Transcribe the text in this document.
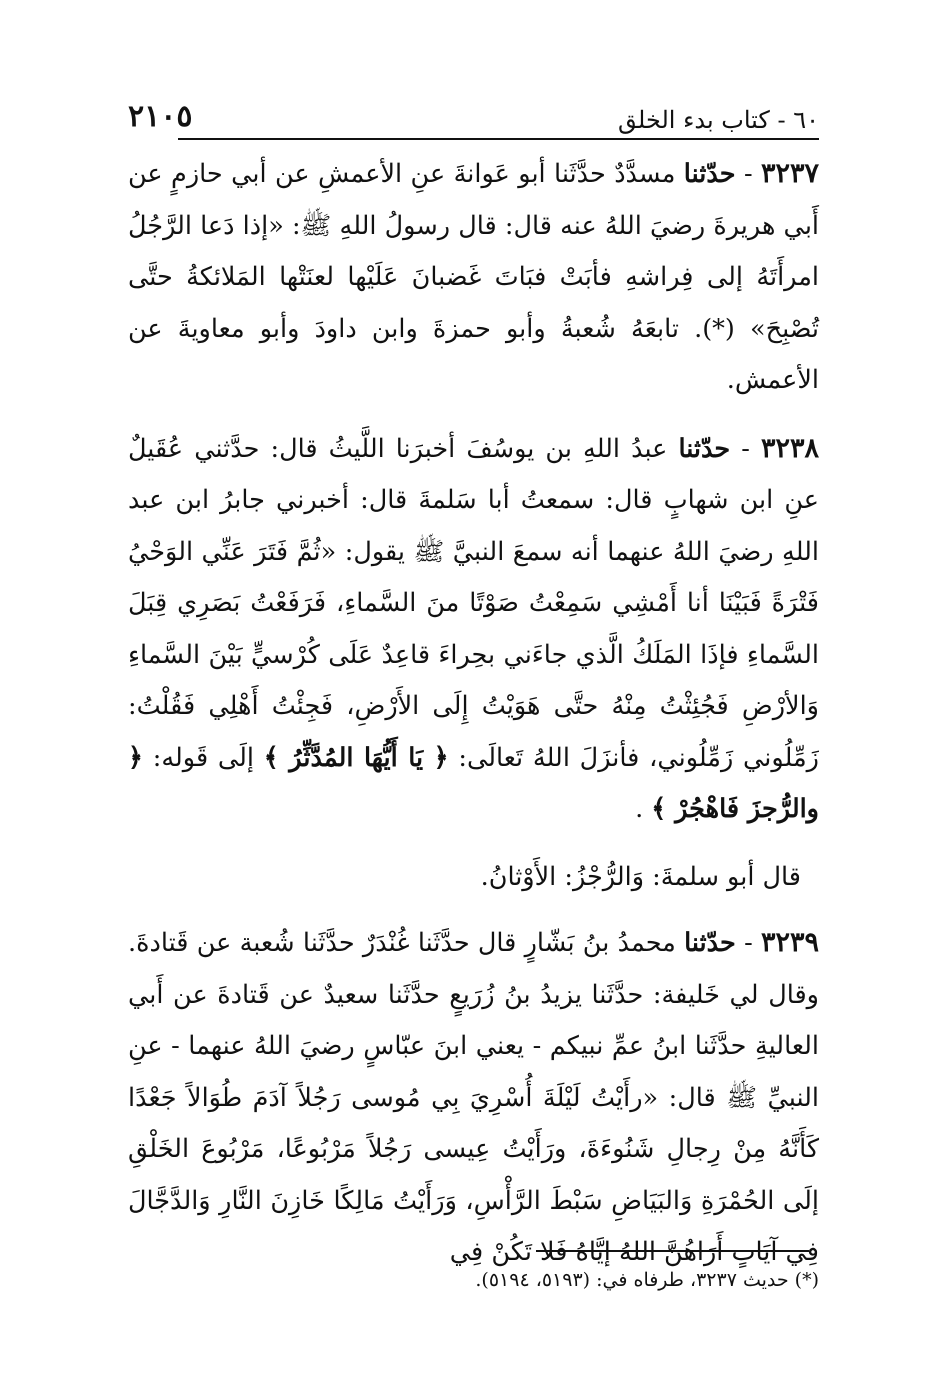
٢١٠٥	٦٠ - كتاب بدء الخلق

٣٢٣٧ - حدّثنا مسدَّدٌ حدَّثَنا أبو عَوانةَ عنِ الأعمشِ عن أبي حازمٍ عن أَبي هريرةَ رضيَ اللهُ عنه قال: قال رسولُ اللهِ ﷺ: «إذا دَعا الرَّجُلُ امرأَتَهُ إلى فِراشهِ فأبَتْ فبَاتَ غَضبانَ عَلَيْها لعنَتْها المَلائكةُ حتَّى تُصْبِحَ» (*). تابعَهُ شُعبةُ وأبو حمزةَ وابن داودَ وأبو معاويةَ عن الأعمش.

٣٢٣٨ - حدّثنا عبدُ اللهِ بن يوسُفَ أخبرَنا اللَّيثُ قال: حدَّثني عُقَيلٌ عنِ ابن شهابٍ قال: سمعتُ أبا سَلمةَ قال: أخبرني جابرُ ابن عبد اللهِ رضيَ اللهُ عنهما أنه سمعَ النبيَّ ﷺ يقول: «ثُمَّ فَتَرَ عَنِّي الوَحْيُ فَتْرَةً فَبَيْنَا أنا أَمْشِي سَمِعْتُ صَوْتًا منَ السَّماءِ، فَرَفَعْتُ بَصَرِي قِبَلَ السَّماءِ فإذَا المَلَكُ الَّذي جاءَني بحِراءَ قاعِدٌ عَلَى كُرْسيٍّ بَيْنَ السَّماءِ وَالأرْضِ فَجُئِثْتُ مِنْهُ حتَّى هَوَيْتُ إِلَى الأَرْضِ، فَجِئْتُ أَهْلِي فَقُلْتُ: زَمِّلُوني زَمِّلُوني، فأنزَلَ اللهُ تَعالَى: ﴿ يَا أَيُّهَا المُدَّثِّرُ ﴾ إلَى قَوله: ﴿ والرُّجزَ فَاهْجُرْ ﴾ .

قال أبو سلمةَ: وَالرُّجْزُ: الأَوْثانُ.

٣٢٣٩ - حدّثنا محمدُ بنُ بَشّارٍ قال حدَّثَنا غُنْدَرٌ حدَّثَنا شُعبة عن قَتادةَ. وقال لي خَليفة: حدَّثَنا يزيدُ بنُ زُرَيعٍ حدَّثَنا سعيدٌ عن قَتادةَ عن أَبي العاليةِ حدَّثَنا ابنُ عمِّ نبيكم - يعني ابنَ عبّاسٍ رضيَ اللهُ عنهما - عنِ النبيِّ ﷺ قال: «رأَيْتُ لَيْلَةَ أُسْرِيَ بِي مُوسى رَجُلاً آدَمَ طُوَالاً جَعْدًا كَأَنَّهُ مِنْ رِجالِ شَنُوءَةَ، ورَأَيْتُ عِيسى رَجُلاً مَرْبُوعًا، مَرْبُوعَ الخَلْقِ إلَى الحُمْرَةِ وَالبَيَاضِ سَبْطَ الرَّأْسِ، وَرَأَيْتُ مَالِكًا خَازِنَ النَّارِ وَالدَّجَّالَ فِي آيَاتٍ أَرَاهُنَّ اللهُ إيَّاهُ فَلا تَكُنْ فِي

(*) حديث ٣٢٣٧، طرفاه في: (٥١٩٣، ٥١٩٤).
